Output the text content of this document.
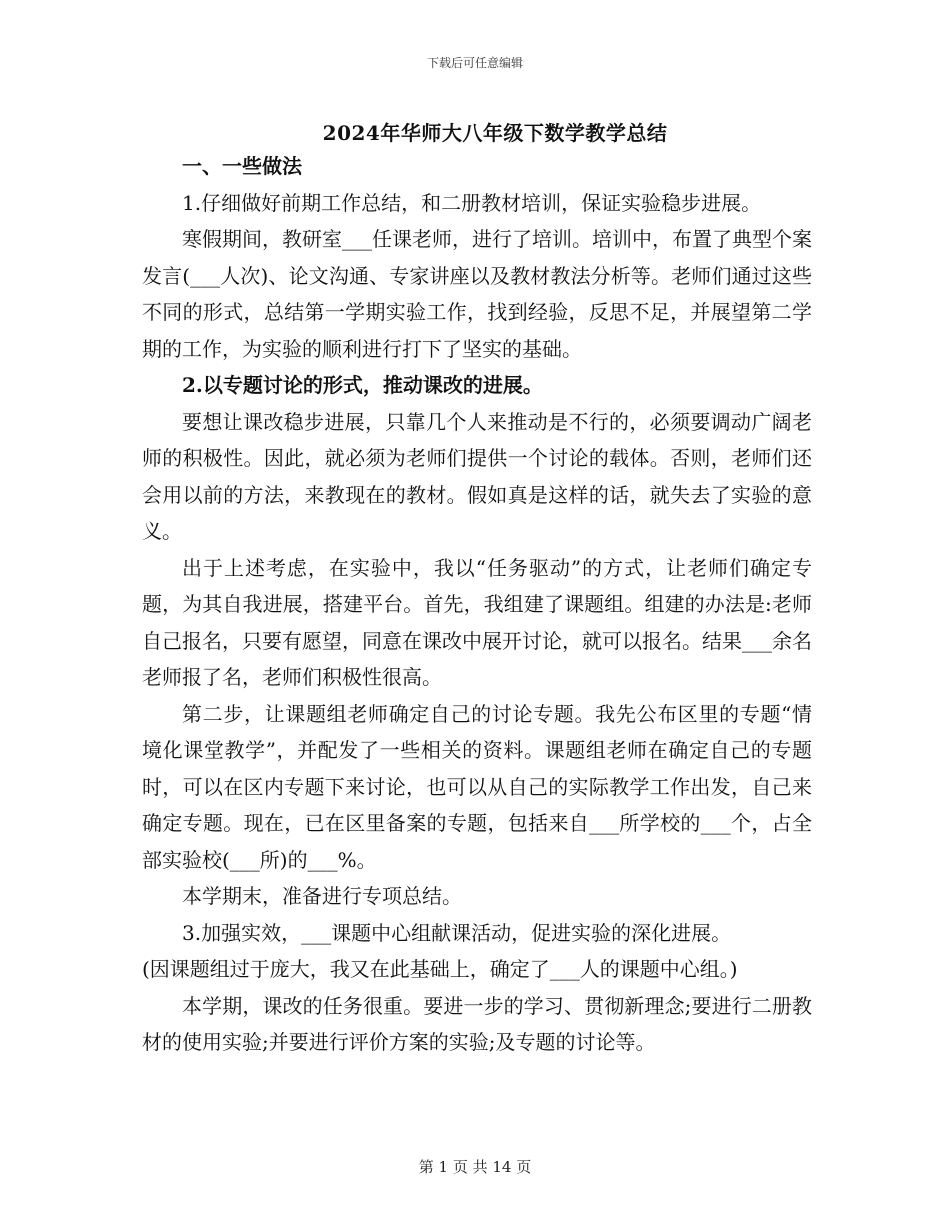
下载后可任意编辑
2024年华师大八年级下数学教学总结

一、一些做法

1.仔细做好前期工作总结，和二册教材培训，保证实验稳步进展。

寒假期间，教研室___任课老师，进行了培训。培训中，布置了典型个案发言(___人次)、论文沟通、专家讲座以及教材教法分析等。老师们通过这些不同的形式，总结第一学期实验工作，找到经验，反思不足，并展望第二学期的工作，为实验的顺利进行打下了坚实的基础。

2.以专题讨论的形式，推动课改的进展。

要想让课改稳步进展，只靠几个人来推动是不行的，必须要调动广阔老师的积极性。因此，就必须为老师们提供一个讨论的载体。否则，老师们还会用以前的方法，来教现在的教材。假如真是这样的话，就失去了实验的意义。

出于上述考虑，在实验中，我以“任务驱动”的方式，让老师们确定专题，为其自我进展，搭建平台。首先，我组建了课题组。组建的办法是:老师自己报名，只要有愿望，同意在课改中展开讨论，就可以报名。结果___余名老师报了名，老师们积极性很高。

第二步，让课题组老师确定自己的讨论专题。我先公布区里的专题“情境化课堂教学”，并配发了一些相关的资料。课题组老师在确定自己的专题时，可以在区内专题下来讨论，也可以从自己的实际教学工作出发，自己来确定专题。现在，已在区里备案的专题，包括来自___所学校的___个，占全部实验校(___所)的___%。

本学期末，准备进行专项总结。

3.加强实效，___课题中心组献课活动，促进实验的深化进展。

(因课题组过于庞大，我又在此基础上，确定了___人的课题中心组。)

本学期，课改的任务很重。要进一步的学习、贯彻新理念;要进行二册教材的使用实验;并要进行评价方案的实验;及专题的讨论等。

第 1 页 共 14 页
